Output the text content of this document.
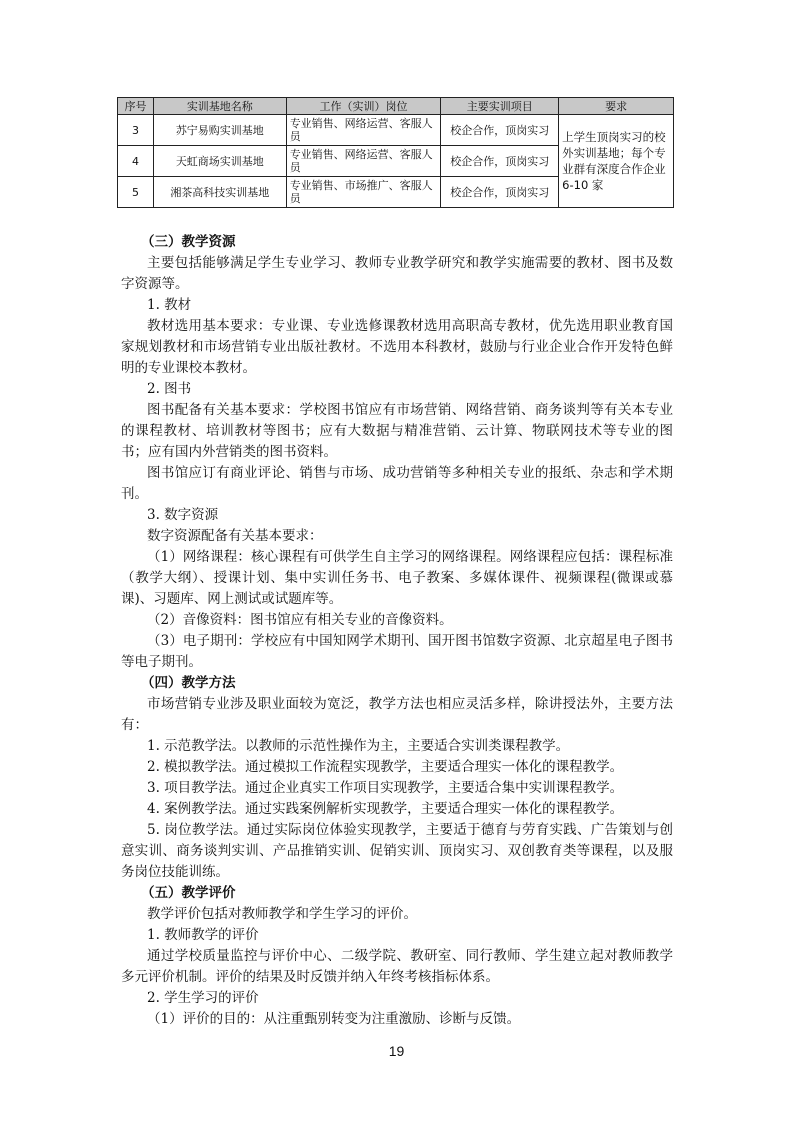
序号	实训基地名称	工作（实训）岗位	主要实训项目	要求
3	苏宁易购实训基地	专业销售、网络运营、客服人员	校企合作，顶岗实习	上学生顶岗实习的校外实训基地；每个专业群有深度合作企业 6-10 家
4	天虹商场实训基地	专业销售、网络运营、客服人员	校企合作，顶岗实习	
5	湘茶高科技实训基地	专业销售、市场推广、客服人员	校企合作，顶岗实习	

（三）教学资源

主要包括能够满足学生专业学习、教师专业教学研究和教学实施需要的教材、图书及数字资源等。

1. 教材

教材选用基本要求：专业课、专业选修课教材选用高职高专教材，优先选用职业教育国家规划教材和市场营销专业出版社教材。不选用本科教材，鼓励与行业企业合作开发特色鲜明的专业课校本教材。

2. 图书

图书配备有关基本要求：学校图书馆应有市场营销、网络营销、商务谈判等有关本专业的课程教材、培训教材等图书；应有大数据与精准营销、云计算、物联网技术等专业的图书；应有国内外营销类的图书资料。

图书馆应订有商业评论、销售与市场、成功营销等多种相关专业的报纸、杂志和学术期刊。

3. 数字资源

数字资源配备有关基本要求：

（1）网络课程：核心课程有可供学生自主学习的网络课程。网络课程应包括：课程标准（教学大纲）、授课计划、集中实训任务书、电子教案、多媒体课件、视频课程(微课或慕课)、习题库、网上测试或试题库等。

（2）音像资料：图书馆应有相关专业的音像资料。

（3）电子期刊：学校应有中国知网学术期刊、国开图书馆数字资源、北京超星电子图书等电子期刊。

（四）教学方法

市场营销专业涉及职业面较为宽泛，教学方法也相应灵活多样，除讲授法外，主要方法有：

1. 示范教学法。以教师的示范性操作为主，主要适合实训类课程教学。

2. 模拟教学法。通过模拟工作流程实现教学，主要适合理实一体化的课程教学。

3. 项目教学法。通过企业真实工作项目实现教学，主要适合集中实训课程教学。

4. 案例教学法。通过实践案例解析实现教学，主要适合理实一体化的课程教学。

5. 岗位教学法。通过实际岗位体验实现教学，主要适于德育与劳育实践、广告策划与创意实训、商务谈判实训、产品推销实训、促销实训、顶岗实习、双创教育类等课程，以及服务岗位技能训练。

（五）教学评价

教学评价包括对教师教学和学生学习的评价。

1. 教师教学的评价

通过学校质量监控与评价中心、二级学院、教研室、同行教师、学生建立起对教师教学多元评价机制。评价的结果及时反馈并纳入年终考核指标体系。

2. 学生学习的评价

（1）评价的目的：从注重甄别转变为注重激励、诊断与反馈。

19
